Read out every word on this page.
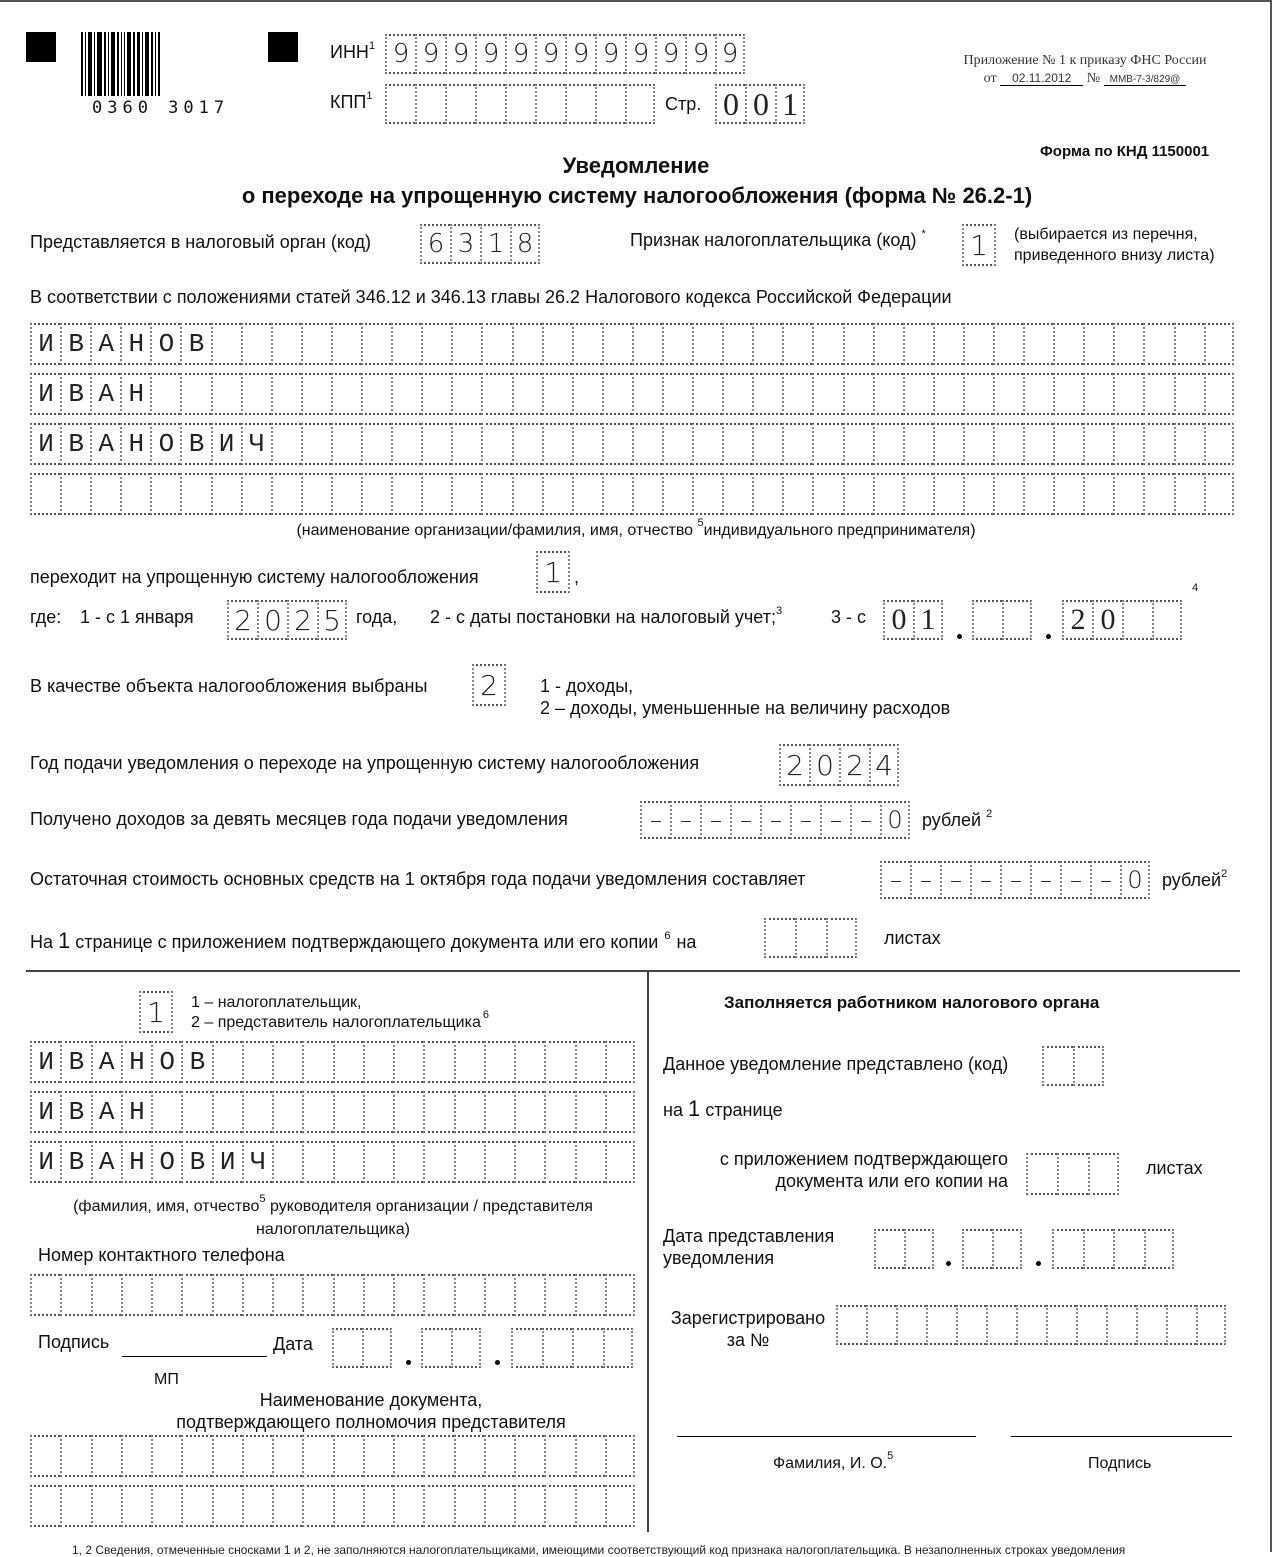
0360 3017
ИНН$^1$ 9 9 9 9 9 9 9 9 9 9 9 9
КПП$^1$	Стр. 0 0 1
Приложение № 1 к приказу ФНС России
от 02.11.2012 № ММВ-7-3/829@
Форма по КНД 1150001
Уведомление
о переходе на упрощенную систему налогообложения (форма № 26.2-1)
Представляется в налоговый орган (код) 6 3 1 8	Признак налогоплательщика (код) * 1	(выбирается из перечня,
приведенного внизу листа)
В соответствии с положениями статей 346.12 и 346.13 главы 26.2 Налогового кодекса Российской Федерации
И В А Н О В
И В А Н
И В А Н О В И Ч
(наименование организации/фамилия, имя, отчество $^5$индивидуального предпринимателя)
переходит на упрощенную систему налогообложения 1 ,
где: 1 - с 1 января 2 0 2 5 года, 2 - с даты постановки на налоговый учет;$^3$	3 - с 0 1	2 0
4
В качестве объекта налогообложения выбраны 2	1 - доходы,
2 – доходы, уменьшенные на величину расходов
Год подачи уведомления о переходе на упрощенную систему налогообложения	2 0 2 4
Получено доходов за девять месяцев года подачи уведомления	– – – – – – – – 0	рублей $^2$
Остаточная стоимость основных средств на 1 октября года подачи уведомления составляет	– – – – – – – – 0	рублей$^2$
На 1 странице с приложением подтверждающего документа или его копии $^6$ на	листах
1	1 – налогоплательщик,
2 – представитель налогоплательщика $^6$
И В А Н О В
И В А Н
И В А Н О В И Ч
(фамилия, имя, отчество$^5$ руководителя организации / представителя
налогоплательщика)
Номер контактного телефона
Подпись	Дата
МП
Наименование документа,
подтверждающего полномочия представителя
Заполняется работником налогового органа
Данное уведомление представлено (код)
на 1 странице
с приложением подтверждающего
документа или его копии на
листах
Дата представления
уведомления
Зарегистрировано
за №
Фамилия, И. О.$^5$	Подпись
1, 2 Сведения, отмеченные сносками 1 и 2, не заполняются налогоплательщиками, имеющими соответствующий код признака налогоплательщика. В незаполненных строках уведомления
